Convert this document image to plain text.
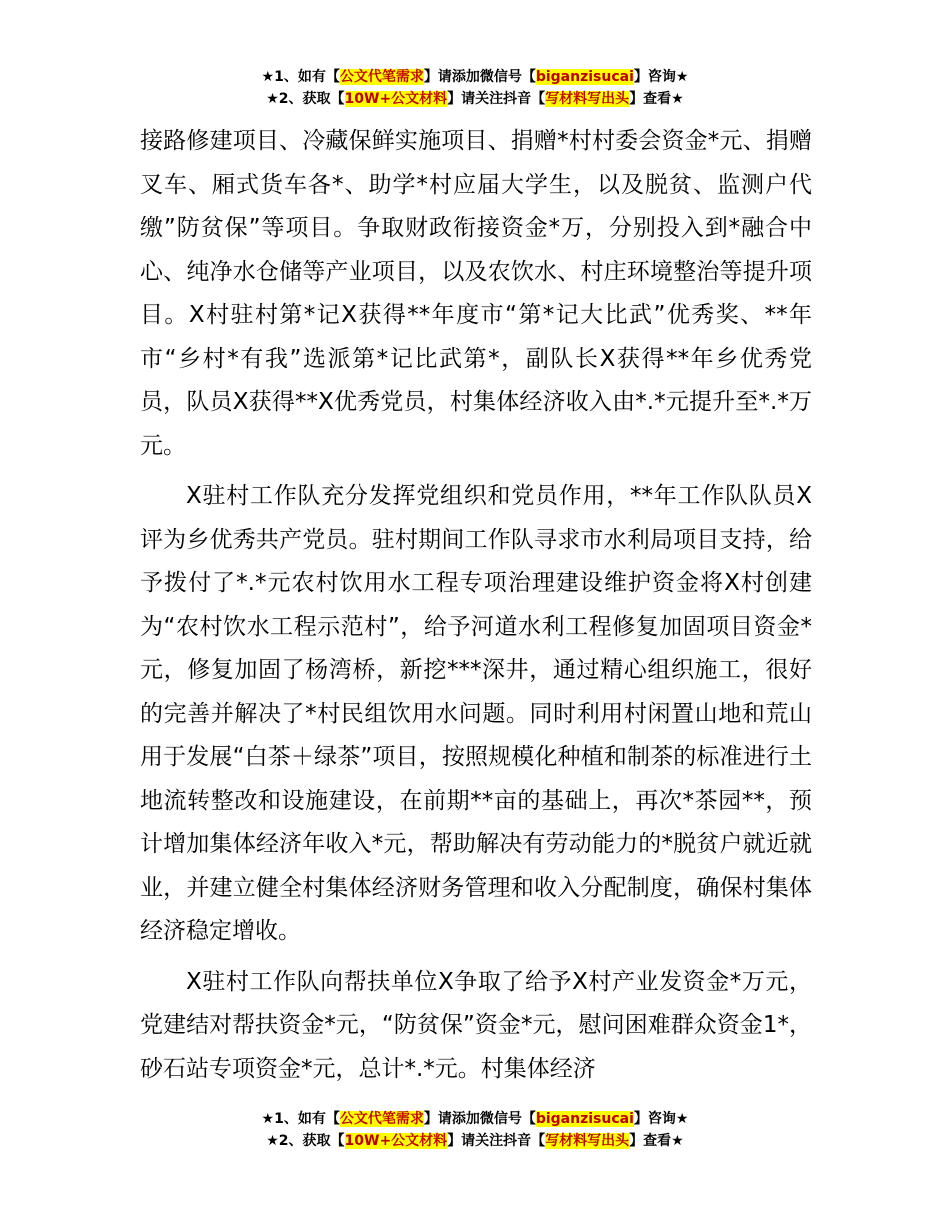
★1、如有【公文代笔需求】请添加微信号【biganzisucai】咨询★
★2、获取【10W+公文材料】请关注抖音【写材料写出头】查看★

接路修建项目、冷藏保鲜实施项目、捐赠*村村委会资金*元、捐赠叉车、厢式货车各*、助学*村应届大学生，以及脱贫、监测户代缴”防贫保”等项目。争取财政衔接资金*万，分别投入到*融合中心、纯净水仓储等产业项目，以及农饮水、村庄环境整治等提升项目。X村驻村第*记X获得**年度市“第*记大比武”优秀奖、**年市“乡村*有我”选派第*记比武第*，副队长X获得**年乡优秀党员，队员X获得**X优秀党员，村集体经济收入由*.*元提升至*.*万元。

X驻村工作队充分发挥党组织和党员作用，**年工作队队员X评为乡优秀共产党员。驻村期间工作队寻求市水利局项目支持，给予拨付了*.*元农村饮用水工程专项治理建设维护资金将X村创建为“农村饮水工程示范村”，给予河道水利工程修复加固项目资金*元，修复加固了杨湾桥，新挖***深井，通过精心组织施工，很好的完善并解决了*村民组饮用水问题。同时利用村闲置山地和荒山用于发展“白茶＋绿茶”项目，按照规模化种植和制茶的标准进行土地流转整改和设施建设，在前期**亩的基础上，再次*茶园**，预计增加集体经济年收入*元，帮助解决有劳动能力的*脱贫户就近就业，并建立健全村集体经济财务管理和收入分配制度，确保村集体经济稳定增收。

X驻村工作队向帮扶单位X争取了给予X村产业发资金*万元，党建结对帮扶资金*元，“防贫保”资金*元，慰问困难群众资金1*，砂石站专项资金*元，总计*.*元。村集体经济

★1、如有【公文代笔需求】请添加微信号【biganzisucai】咨询★
★2、获取【10W+公文材料】请关注抖音【写材料写出头】查看★
